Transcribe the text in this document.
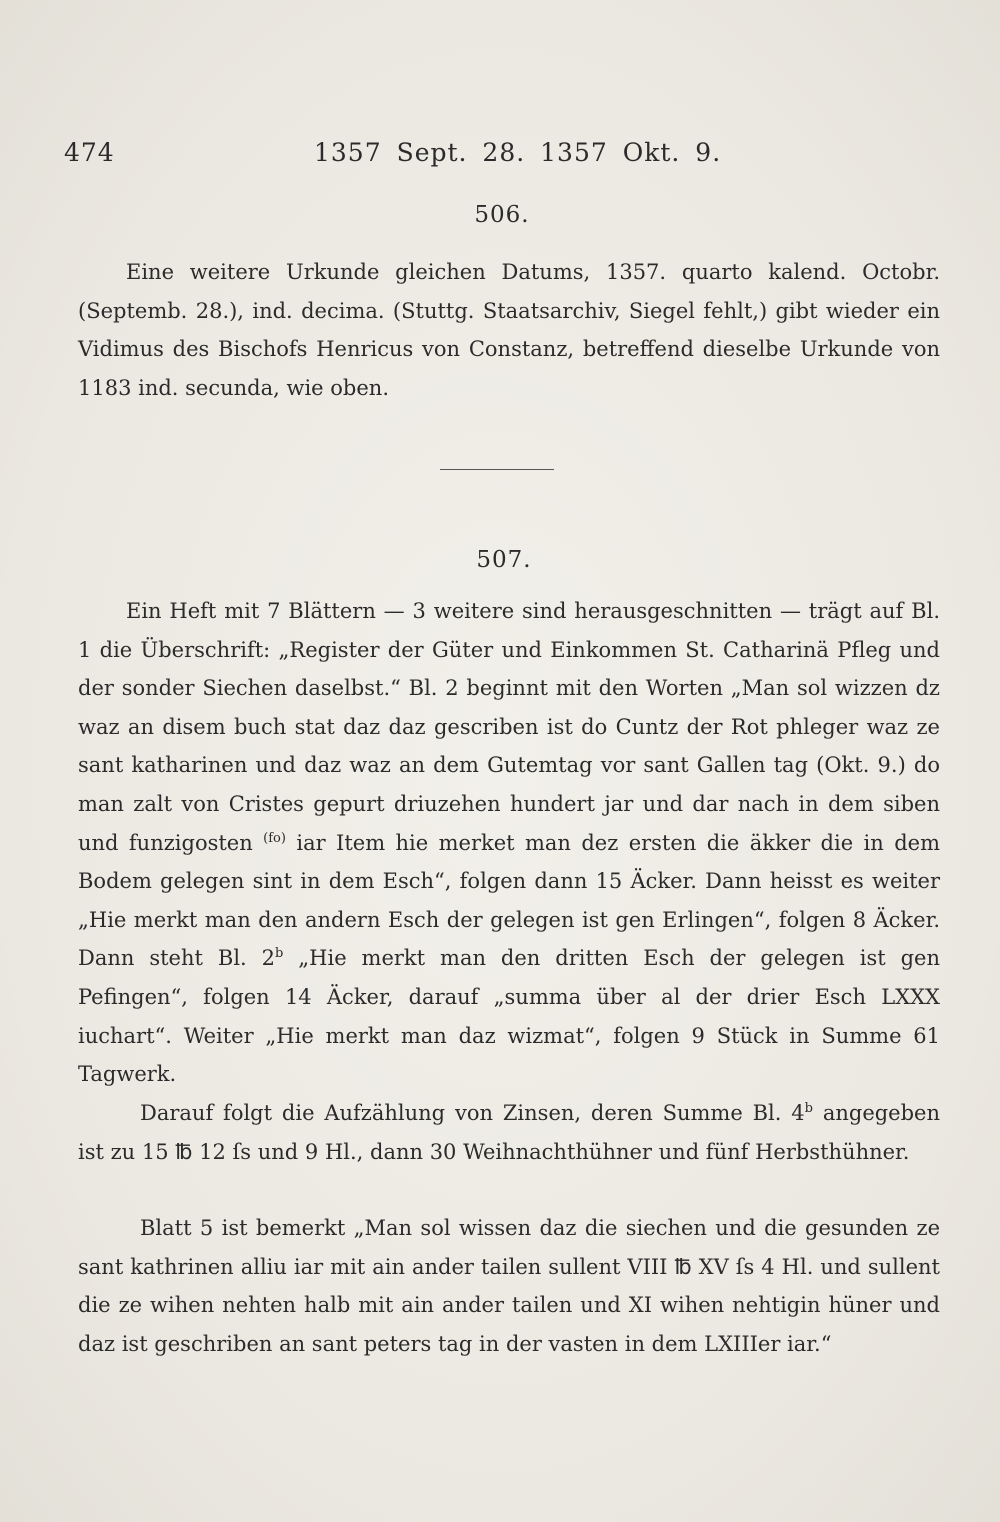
474	1357 Sept. 28. 1357 Okt. 9.
506.
Eine weitere Urkunde gleichen Datums, 1357. quarto kalend. Octobr. (Septemb. 28.), ind. decima. (Stuttg. Staatsarchiv, Siegel fehlt,) gibt wieder ein Vidimus des Bischofs Henricus von Constanz, betreffend dieselbe Urkunde von 1183 ind. secunda, wie oben.
507.
Ein Heft mit 7 Blättern — 3 weitere sind herausgeschnitten — trägt auf Bl. 1 die Überschrift: „Register der Güter und Einkommen St. Catharinä Pfleg und der sonder Siechen daselbst.“ Bl. 2 beginnt mit den Worten „Man sol wizzen dz waz an disem buch stat daz daz gescriben ist do Cuntz der Rot phleger waz ze sant katharinen und daz waz an dem Gutemtag vor sant Gallen tag (Okt. 9.) do man zalt von Cristes gepurt driuzehen hundert jar und dar nach in dem siben und funzigosten $^{(fo)}$ iar Item hie merket man dez ersten die äkker die in dem Bodem gelegen sint in dem Esch“, folgen dann 15 Äcker. Dann heisst es weiter „Hie merkt man den andern Esch der gelegen ist gen Erlingen“, folgen 8 Äcker. Dann steht Bl. 2$^b$ „Hie merkt man den dritten Esch der gelegen ist gen Pefingen“, folgen 14 Äcker, darauf „summa über al der drier Esch LXXX iuchart“. Weiter „Hie merkt man daz wizmat“, folgen 9 Stück in Summe 61 Tagwerk.
Darauf folgt die Aufzählung von Zinsen, deren Summe Bl. 4$^b$ angegeben ist zu 15 ℔ 12 ſs und 9 Hl., dann 30 Weihnachthühner und fünf Herbsthühner.
Blatt 5 ist bemerkt „Man sol wissen daz die siechen und die gesunden ze sant kathrinen alliu iar mit ain ander tailen sullent VIII ℔ XV ſs 4 Hl. und sullent die ze wihen nehten halb mit ain ander tailen und XI wihen nehtigin hüner und daz ist geschriben an sant peters tag in der vasten in dem LXIIIer iar.“
